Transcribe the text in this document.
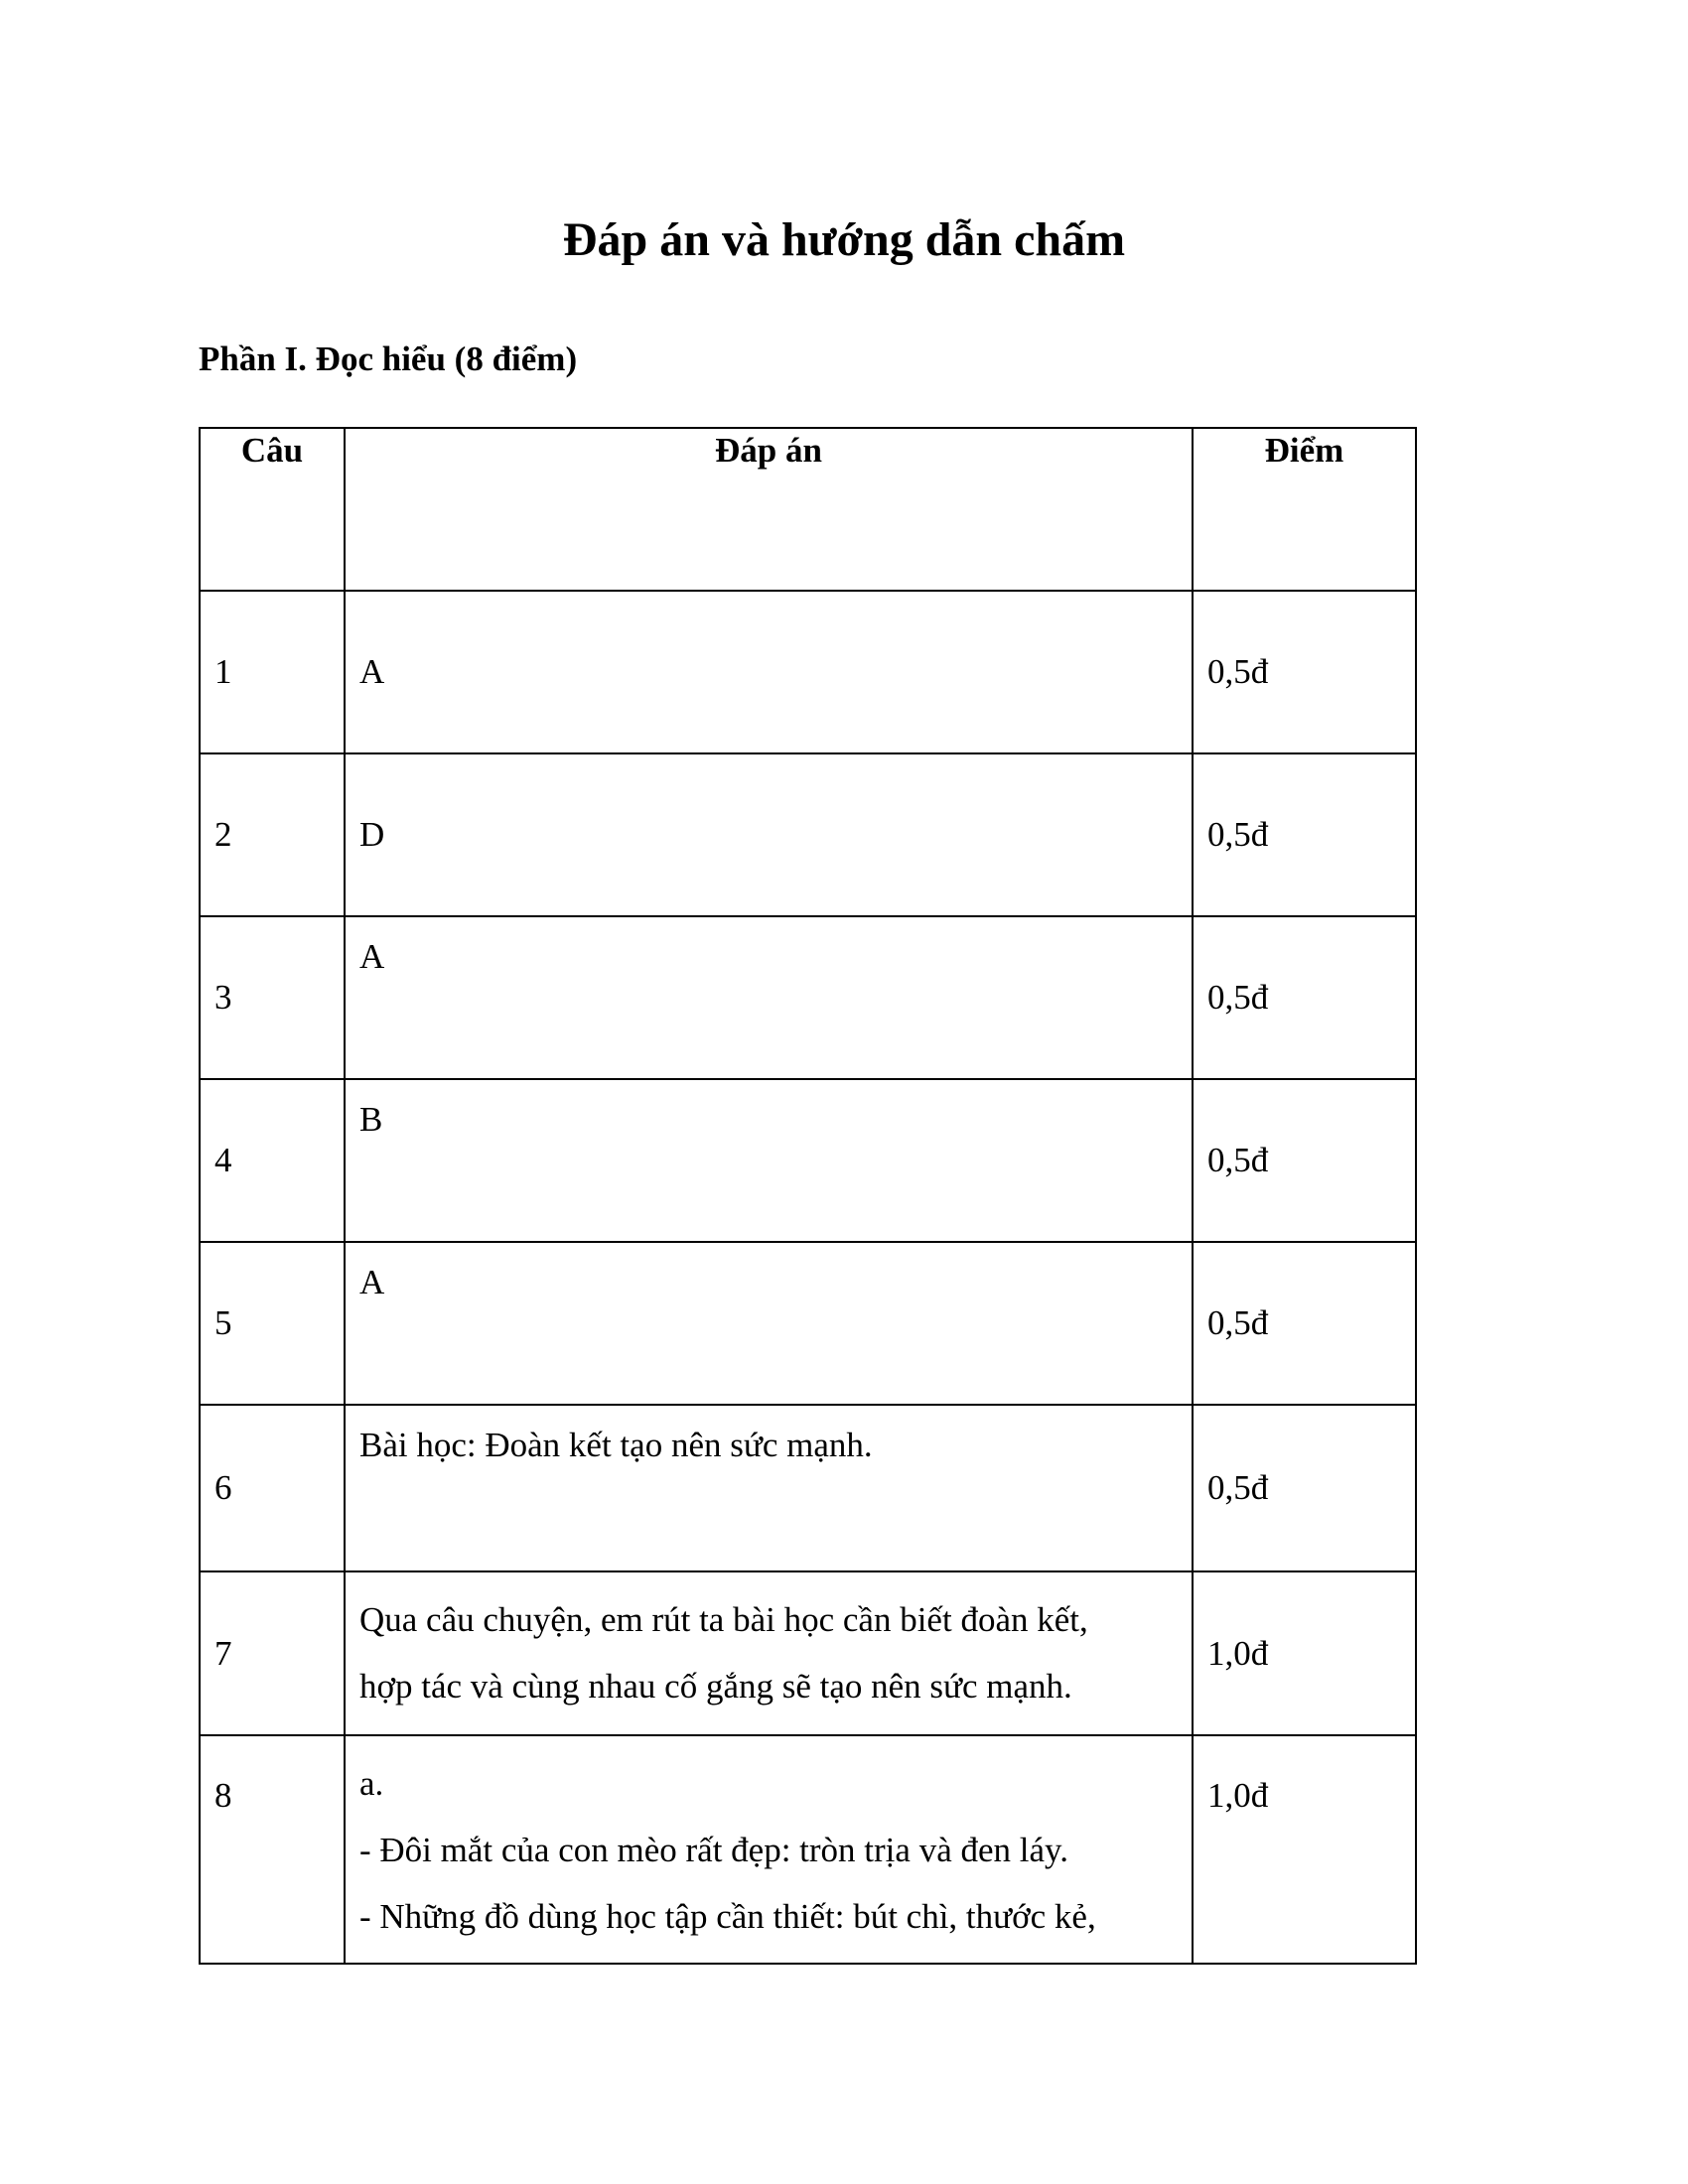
Đáp án và hướng dẫn chấm
Phần I. Đọc hiểu (8 điểm)
Câu	Đáp án	Điểm
1	A	0,5đ
2	D	0,5đ
3	A	0,5đ
4	B	0,5đ
5	A	0,5đ
6	Bài học: Đoàn kết tạo nên sức mạnh.	0,5đ
7	Qua câu chuyện, em rút ta bài học cần biết đoàn kết,
hợp tác và cùng nhau cố gắng sẽ tạo nên sức mạnh.	1,0đ
8	a.
- Đôi mắt của con mèo rất đẹp: tròn trịa và đen láy.
- Những đồ dùng học tập cần thiết: bút chì, thước kẻ,	1,0đ
